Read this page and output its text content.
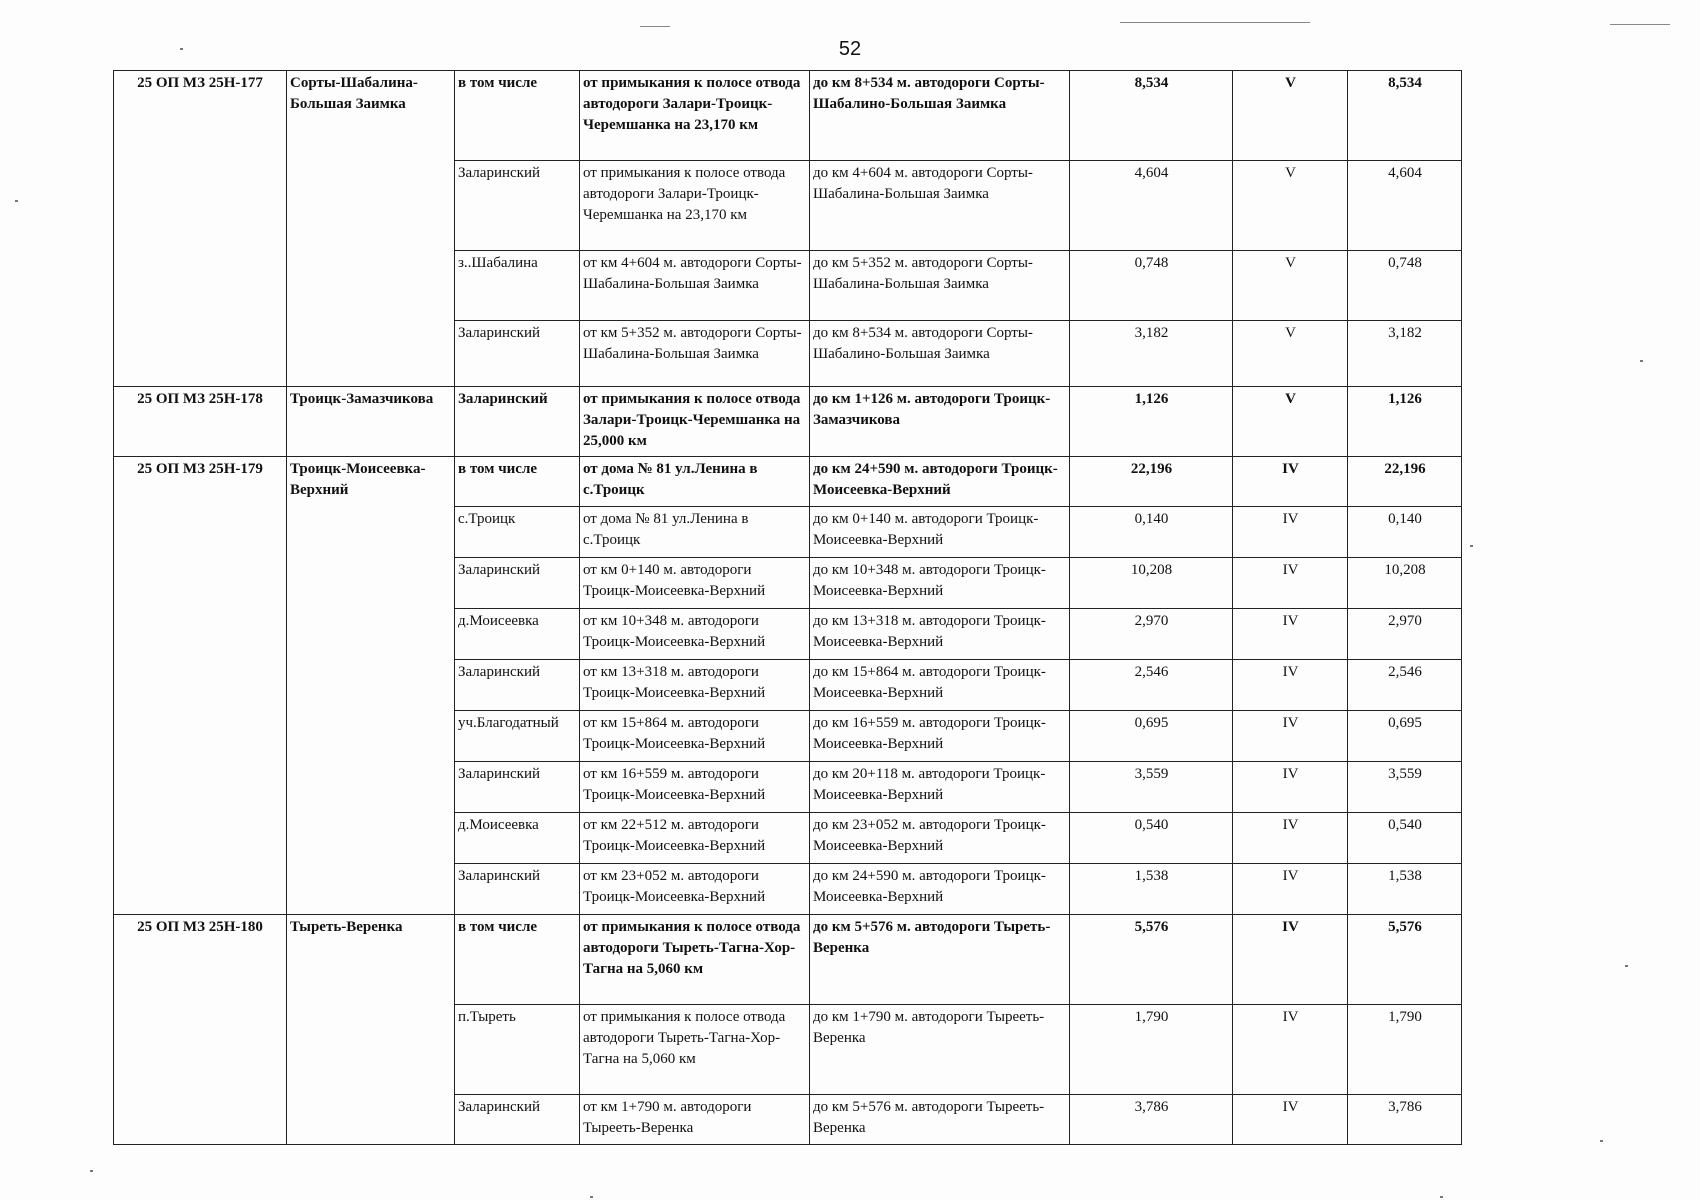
52
25 ОП МЗ 25Н-177	Сорты-Шабалина-Большая Заимка	в том числе	от примыкания к полосе отвода автодороги Залари-Троицк-Черемшанка на 23,170 км	до км 8+534 м. автодороги Сорты-Шабалино-Большая Заимка	8,534	V	8,534
		Заларинский	от примыкания к полосе отвода автодороги Залари-Троицк-Черемшанка на 23,170 км	до км 4+604 м. автодороги Сорты-Шабалина-Большая Заимка	4,604	V	4,604
		з..Шабалина	от км 4+604 м. автодороги Сорты-Шабалина-Большая Заимка	до км 5+352 м. автодороги Сорты-Шабалина-Большая Заимка	0,748	V	0,748
		Заларинский	от км 5+352 м. автодороги Сорты-Шабалина-Большая Заимка	до км 8+534 м. автодороги Сорты-Шабалино-Большая Заимка	3,182	V	3,182
25 ОП МЗ 25Н-178	Троицк-Замазчикова	Заларинский	от примыкания к полосе отвода Залари-Троицк-Черемшанка на 25,000 км	до км 1+126 м. автодороги Троицк-Замазчикова	1,126	V	1,126
25 ОП МЗ 25Н-179	Троицк-Моисеевка-Верхний	в том числе	от дома № 81 ул.Ленина в с.Троицк	до км 24+590 м. автодороги Троицк-Моисеевка-Верхний	22,196	IV	22,196
		с.Троицк	от дома № 81 ул.Ленина в с.Троицк	до км 0+140 м. автодороги Троицк-Моисеевка-Верхний	0,140	IV	0,140
		Заларинский	от км 0+140 м. автодороги Троицк-Моисеевка-Верхний	до км 10+348 м. автодороги Троицк-Моисеевка-Верхний	10,208	IV	10,208
		д.Моисеевка	от км 10+348 м. автодороги Троицк-Моисеевка-Верхний	до км 13+318 м. автодороги Троицк-Моисеевка-Верхний	2,970	IV	2,970
		Заларинский	от км 13+318 м. автодороги Троицк-Моисеевка-Верхний	до км 15+864 м. автодороги Троицк-Моисеевка-Верхний	2,546	IV	2,546
		уч.Благодатный	от км 15+864 м. автодороги Троицк-Моисеевка-Верхний	до км 16+559 м. автодороги Троицк-Моисеевка-Верхний	0,695	IV	0,695
		Заларинский	от км 16+559 м. автодороги Троицк-Моисеевка-Верхний	до км 20+118 м. автодороги Троицк-Моисеевка-Верхний	3,559	IV	3,559
		д.Моисеевка	от км 22+512 м. автодороги Троицк-Моисеевка-Верхний	до км 23+052 м. автодороги Троицк-Моисеевка-Верхний	0,540	IV	0,540
		Заларинский	от км 23+052 м. автодороги Троицк-Моисеевка-Верхний	до км 24+590 м. автодороги Троицк-Моисеевка-Верхний	1,538	IV	1,538
25 ОП МЗ 25Н-180	Тыреть-Веренка	в том числе	от примыкания к полосе отвода автодороги Тыреть-Тагна-Хор-Тагна на 5,060 км	до км 5+576 м. автодороги Тыреть-Веренка	5,576	IV	5,576
		п.Тыреть	от примыкания к полосе отвода автодороги Тыреть-Тагна-Хор-Тагна на 5,060 км	до км 1+790 м. автодороги Тырееть-Веренка	1,790	IV	1,790
		Заларинский	от км 1+790 м. автодороги Тырееть-Веренка	до км 5+576 м. автодороги Тырееть-Веренка	3,786	IV	3,786
